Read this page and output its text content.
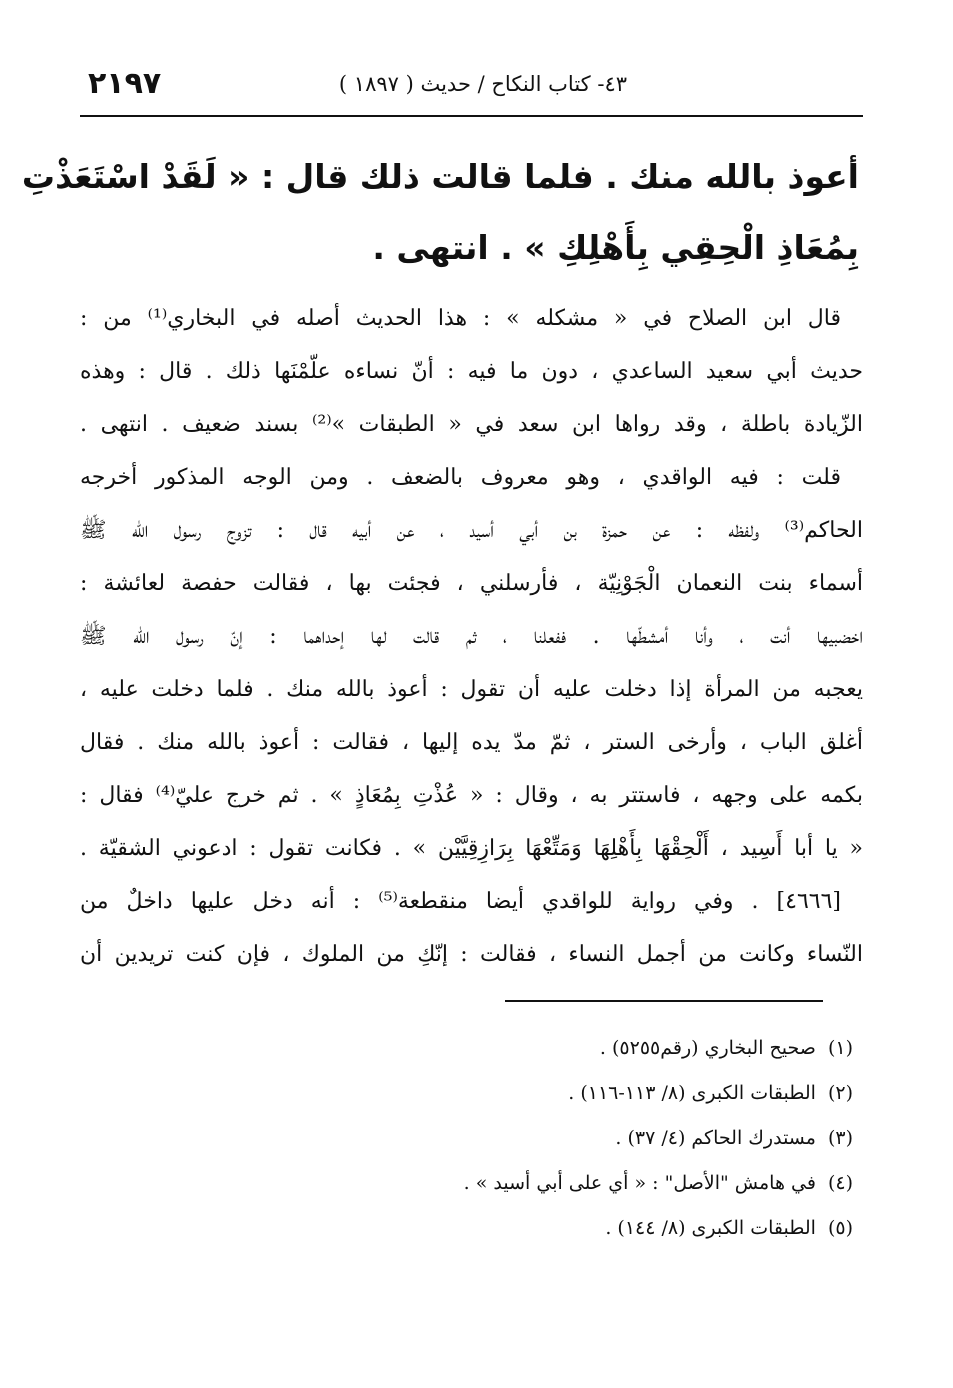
٤٣- كتاب النكاح / حديث ( ١٨٩٧ )
٢١٩٧
أعوذ بالله منك . فلما قالت ذلك قال : « لَقَدْ اسْتَعَذْتِ
بِمُعَاذِ الْحِقِي بِأَهْلِكِ » . انتهى .
قال ابن الصلاح في « مشكله » : هذا الحديث أصله في البخاري⁽¹⁾ من :
حديث أبي سعيد الساعدي ، دون ما فيه : أنّ نساءه علّمْنَها ذلك . قال : وهذه
الزّيادة باطلة ، وقد رواها ابن سعد في « الطبقات »⁽²⁾ بسند ضعيف . انتهى .
قلت : فيه الواقدي ، وهو معروف بالضعف . ومن الوجه المذكور أخرجه
الحاكم⁽³⁾ ولفظه : عن حمزة بن أبي أسيد ، عن أبيه قال : تزوج رسول الله ﷺ
أسماء بنت النعمان الْجَوْنِيّة ، فأرسلني ، فجئت بها ، فقالت حفصة لعائشة :
اخضبيها أنت ، وأنا أمشطّها . ففعلنا ، ثم قالت لها إحداهما : إنّ رسول الله ﷺ
يعجبه من المرأة إذا دخلت عليه أن تقول : أعوذ بالله منك . فلما دخلت عليه ،
أغلق الباب ، وأرخى الستر ، ثمّ مدّ يده إليها ، فقالت : أعوذ بالله منك . فقال
بكمه على وجهه ، فاستتر به ، وقال : « عُذْتِ بِمُعَاذٍ » . ثم خرج عليّ⁽⁴⁾ فقال :
« يا أبا أَسِيد ، أَلْحِقْهَا بِأَهْلِهَا وَمَتِّعْهَا بِرَازِقِيَّيْن » . فكانت تقول : ادعوني الشقيّة .
[٤٦٦٦] . وفي رواية للواقدي أيضا منقطعة⁽⁵⁾ : أنه دخل عليها داخلٌ من
النّساء وكانت من أجمل النساء ، فقالت : إنّكِ من الملوك ، فإن كنت تريدين أن
(١)صحيح البخاري (رقم٥٢٥٥) .
(٢)الطبقات الكبرى (٨/ ١١٣-١١٦) .
(٣)مستدرك الحاكم (٤/ ٣٧) .
(٤)في هامش "الأصل" : « أي على أبي أسيد » .
(٥)الطبقات الكبرى (٨/ ١٤٤) .
